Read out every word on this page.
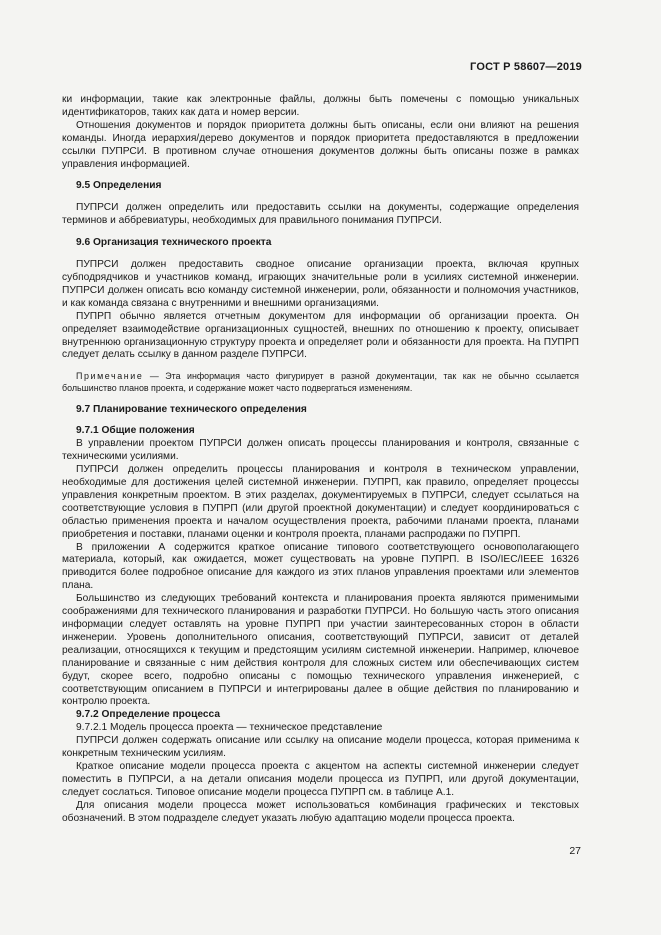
ГОСТ Р 58607—2019

ки информации, такие как электронные файлы, должны быть помечены с помощью уникальных идентификаторов, таких как дата и номер версии.

Отношения документов и порядок приоритета должны быть описаны, если они влияют на решения команды. Иногда иерархия/дерево документов и порядок приоритета предоставляются в предложении ссылки ПУПРСИ. В противном случае отношения документов должны быть описаны позже в рамках управления информацией.

9.5 Определения

ПУПРСИ должен определить или предоставить ссылки на документы, содержащие определения терминов и аббревиатуры, необходимых для правильного понимания ПУПРСИ.

9.6 Организация технического проекта

ПУПРСИ должен предоставить сводное описание организации проекта, включая крупных субподрядчиков и участников команд, играющих значительные роли в усилиях системной инженерии. ПУПРСИ должен описать всю команду системной инженерии, роли, обязанности и полномочия участников, и как команда связана с внутренними и внешними организациями.

ПУПРП обычно является отчетным документом для информации об организации проекта. Он определяет взаимодействие организационных сущностей, внешних по отношению к проекту, описывает внутреннюю организационную структуру проекта и определяет роли и обязанности для проекта. На ПУПРП следует делать ссылку в данном разделе ПУПРСИ.

Примечание — Эта информация часто фигурирует в разной документации, так как не обычно ссылается большинство планов проекта, и содержание может часто подвергаться изменениям.

9.7 Планирование технического определения

9.7.1 Общие положения

В управлении проектом ПУПРСИ должен описать процессы планирования и контроля, связанные с техническими усилиями.

ПУПРСИ должен определить процессы планирования и контроля в техническом управлении, необходимые для достижения целей системной инженерии. ПУПРП, как правило, определяет процессы управления конкретным проектом. В этих разделах, документируемых в ПУПРСИ, следует ссылаться на соответствующие условия в ПУПРП (или другой проектной документации) и следует координироваться с областью применения проекта и началом осуществления проекта, рабочими планами проекта, планами приобретения и поставки, планами оценки и контроля проекта, планами распродажи по ПУПРП.

В приложении А содержится краткое описание типового соответствующего основополагающего материала, который, как ожидается, может существовать на уровне ПУПРП. В ISO/IEC/IEEE 16326 приводится более подробное описание для каждого из этих планов управления проектами или элементов плана.

Большинство из следующих требований контекста и планирования проекта являются применимыми соображениями для технического планирования и разработки ПУПРСИ. Но большую часть этого описания информации следует оставлять на уровне ПУПРП при участии заинтересованных сторон в области инженерии. Уровень дополнительного описания, соответствующий ПУПРСИ, зависит от деталей реализации, относящихся к текущим и предстоящим усилиям системной инженерии. Например, ключевое планирование и связанные с ним действия контроля для сложных систем или обеспечивающих систем будут, скорее всего, подробно описаны с помощью технического управления инженерией, с соответствующим описанием в ПУПРСИ и интегрированы далее в общие действия по планированию и контролю проекта.

9.7.2 Определение процесса

9.7.2.1 Модель процесса проекта — техническое представление

ПУПРСИ должен содержать описание или ссылку на описание модели процесса, которая применима к конкретным техническим усилиям.

Краткое описание модели процесса проекта с акцентом на аспекты системной инженерии следует поместить в ПУПРСИ, а на детали описания модели процесса из ПУПРП, или другой документации, следует сослаться. Типовое описание модели процесса ПУПРП см. в таблице А.1.

Для описания модели процесса может использоваться комбинация графических и текстовых обозначений. В этом подразделе следует указать любую адаптацию модели процесса проекта.

27
